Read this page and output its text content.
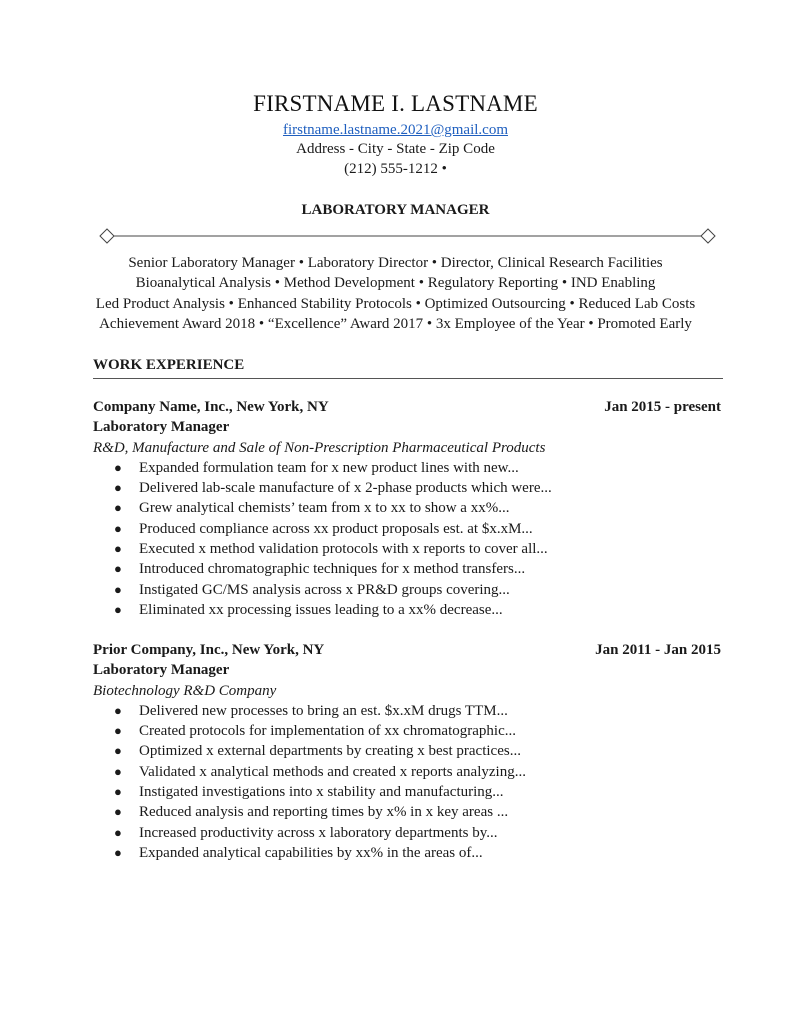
FIRSTNAME I. LASTNAME
firstname.lastname.2021@gmail.com
Address - City - State - Zip Code
(212) 555-1212 •
LABORATORY MANAGER
Senior Laboratory Manager • Laboratory Director • Director, Clinical Research Facilities
Bioanalytical Analysis • Method Development • Regulatory Reporting • IND Enabling
Led Product Analysis • Enhanced Stability Protocols • Optimized Outsourcing • Reduced Lab Costs
Achievement Award 2018 • “Excellence” Award 2017 • 3x Employee of the Year • Promoted Early
WORK EXPERIENCE
Company Name, Inc., New York, NY	Jan 2015 - present
Laboratory Manager
R&D, Manufacture and Sale of Non-Prescription Pharmaceutical Products
● Expanded formulation team for x new product lines with new...
● Delivered lab-scale manufacture of x 2-phase products which were...
● Grew analytical chemists’ team from x to xx to show a xx%...
● Produced compliance across xx product proposals est. at $x.xM...
● Executed x method validation protocols with x reports to cover all...
● Introduced chromatographic techniques for x method transfers...
● Instigated GC/MS analysis across x PR&D groups covering...
● Eliminated xx processing issues leading to a xx% decrease...
Prior Company, Inc., New York, NY	Jan 2011 - Jan 2015
Laboratory Manager
Biotechnology R&D Company
● Delivered new processes to bring an est. $x.xM drugs TTM...
● Created protocols for implementation of xx chromatographic...
● Optimized x external departments by creating x best practices...
● Validated x analytical methods and created x reports analyzing...
● Instigated investigations into x stability and manufacturing...
● Reduced analysis and reporting times by x% in x key areas ...
● Increased productivity across x laboratory departments by...
● Expanded analytical capabilities by xx% in the areas of...
